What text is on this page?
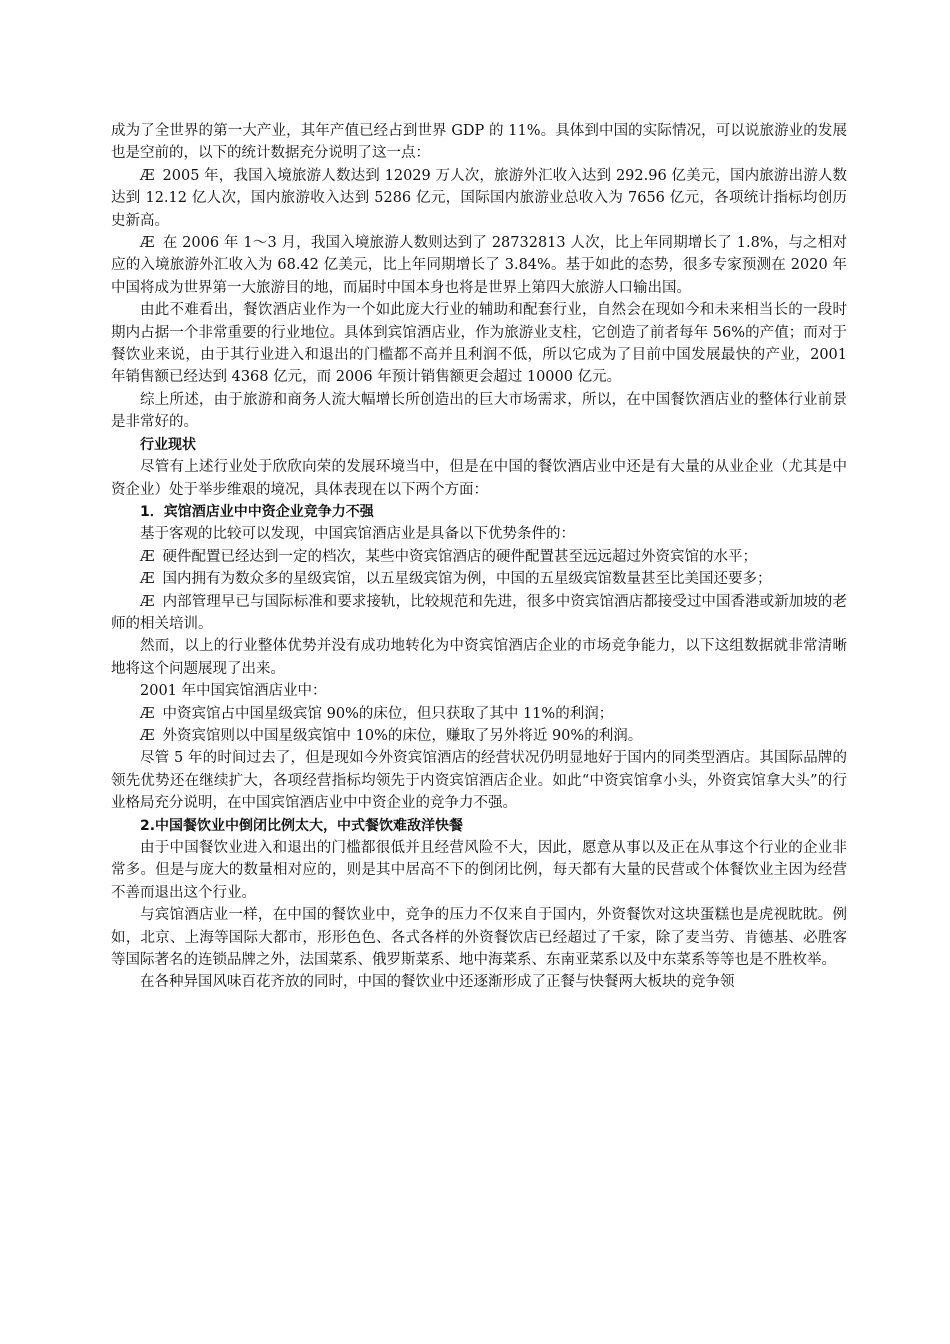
成为了全世界的第一大产业，其年产值已经占到世界 GDP 的 11%。具体到中国的实际情况，可以说旅游业的发展也是空前的，以下的统计数据充分说明了这一点：

Æ 2005 年，我国入境旅游人数达到 12029 万人次，旅游外汇收入达到 292.96 亿美元，国内旅游出游人数达到 12.12 亿人次，国内旅游收入达到 5286 亿元，国际国内旅游业总收入为 7656 亿元，各项统计指标均创历史新高。

Æ 在 2006 年 1～3 月，我国入境旅游人数则达到了 28732813 人次，比上年同期增长了 1.8%，与之相对应的入境旅游外汇收入为 68.42 亿美元，比上年同期增长了 3.84%。基于如此的态势，很多专家预测在 2020 年中国将成为世界第一大旅游目的地，而届时中国本身也将是世界上第四大旅游人口输出国。

由此不难看出，餐饮酒店业作为一个如此庞大行业的辅助和配套行业，自然会在现如今和未来相当长的一段时期内占据一个非常重要的行业地位。具体到宾馆酒店业，作为旅游业支柱，它创造了前者每年 56%的产值；而对于餐饮业来说，由于其行业进入和退出的门槛都不高并且利润不低，所以它成为了目前中国发展最快的产业，2001 年销售额已经达到 4368 亿元，而 2006 年预计销售额更会超过 10000 亿元。

综上所述，由于旅游和商务人流大幅增长所创造出的巨大市场需求，所以，在中国餐饮酒店业的整体行业前景是非常好的。

行业现状

尽管有上述行业处于欣欣向荣的发展环境当中，但是在中国的餐饮酒店业中还是有大量的从业企业（尤其是中资企业）处于举步维艰的境况，具体表现在以下两个方面：

1．宾馆酒店业中中资企业竞争力不强

基于客观的比较可以发现，中国宾馆酒店业是具备以下优势条件的：

Æ 硬件配置已经达到一定的档次，某些中资宾馆酒店的硬件配置甚至远远超过外资宾馆的水平；

Æ 国内拥有为数众多的星级宾馆，以五星级宾馆为例，中国的五星级宾馆数量甚至比美国还要多；

Æ 内部管理早已与国际标准和要求接轨，比较规范和先进，很多中资宾馆酒店都接受过中国香港或新加坡的老师的相关培训。

然而，以上的行业整体优势并没有成功地转化为中资宾馆酒店企业的市场竞争能力，以下这组数据就非常清晰地将这个问题展现了出来。

2001 年中国宾馆酒店业中：

Æ 中资宾馆占中国星级宾馆 90%的床位，但只获取了其中 11%的利润；

Æ 外资宾馆则以中国星级宾馆中 10%的床位，赚取了另外将近 90%的利润。

尽管 5 年的时间过去了，但是现如今外资宾馆酒店的经营状况仍明显地好于国内的同类型酒店。其国际品牌的领先优势还在继续扩大，各项经营指标均领先于内资宾馆酒店企业。如此“中资宾馆拿小头，外资宾馆拿大头”的行业格局充分说明，在中国宾馆酒店业中中资企业的竞争力不强。

2.中国餐饮业中倒闭比例太大，中式餐饮难敌洋快餐

由于中国餐饮业进入和退出的门槛都很低并且经营风险不大，因此，愿意从事以及正在从事这个行业的企业非常多。但是与庞大的数量相对应的，则是其中居高不下的倒闭比例，每天都有大量的民营或个体餐饮业主因为经营不善而退出这个行业。

与宾馆酒店业一样，在中国的餐饮业中，竞争的压力不仅来自于国内，外资餐饮对这块蛋糕也是虎视眈眈。例如，北京、上海等国际大都市，形形色色、各式各样的外资餐饮店已经超过了千家，除了麦当劳、肯德基、必胜客等国际著名的连锁品牌之外，法国菜系、俄罗斯菜系、地中海菜系、东南亚菜系以及中东菜系等等也是不胜枚举。

在各种异国风味百花齐放的同时，中国的餐饮业中还逐渐形成了正餐与快餐两大板块的竞争领
